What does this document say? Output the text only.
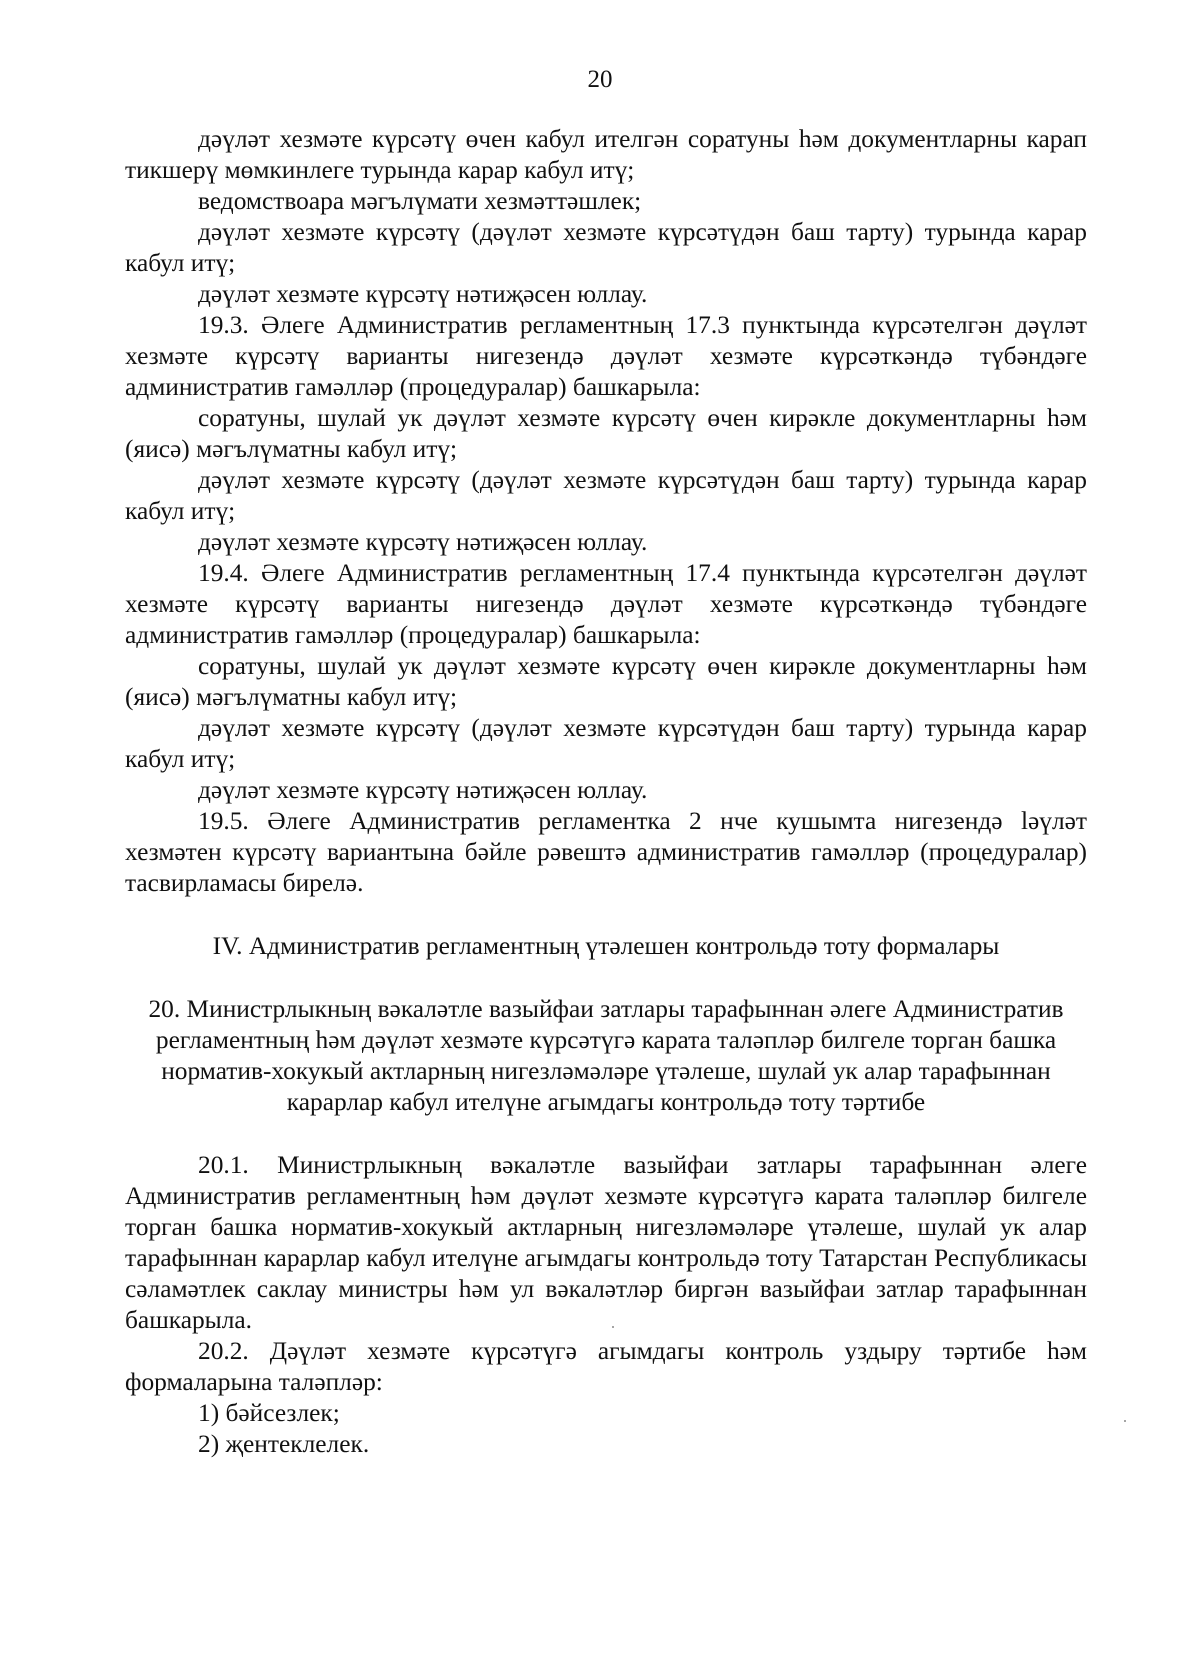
20

дәүләт хезмәте күрсәтү өчен кабул ителгән соратуны һәм документларны карап тикшерү мөмкинлеге турында карар кабул итү;

ведомствоара мәгълүмати хезмәттәшлек;

дәүләт хезмәте күрсәтү (дәүләт хезмәте күрсәтүдән баш тарту) турында карар кабул итү;

дәүләт хезмәте күрсәтү нәтиҗәсен юллау.

19.3. Әлеге Административ регламентның 17.3 пунктында күрсәтелгән дәүләт хезмәте күрсәтү варианты нигезендә дәүләт хезмәте күрсәткәндә түбәндәге административ гамәлләр (процедуралар) башкарыла:

соратуны, шулай ук дәүләт хезмәте күрсәтү өчен кирәкле документларны һәм (яисә) мәгълүматны кабул итү;

дәүләт хезмәте күрсәтү (дәүләт хезмәте күрсәтүдән баш тарту) турында карар кабул итү;

дәүләт хезмәте күрсәтү нәтиҗәсен юллау.

19.4. Әлеге Административ регламентның 17.4 пунктында күрсәтелгән дәүләт хезмәте күрсәтү варианты нигезендә дәүләт хезмәте күрсәткәндә түбәндәге административ гамәлләр (процедуралар) башкарыла:

соратуны, шулай ук дәүләт хезмәте күрсәтү өчен кирәкле документларны һәм (яисә) мәгълүматны кабул итү;

дәүләт хезмәте күрсәтү (дәүләт хезмәте күрсәтүдән баш тарту) турында карар кабул итү;

дәүләт хезмәте күрсәтү нәтиҗәсен юллау.

19.5. Әлеге Административ регламентка 2 нче кушымта нигезендә lәүләт хезмәтен күрсәтү вариантына бәйле рәвештә административ гамәлләр (процедуралар) тасвирламасы бирелә.

IV. Административ регламентның үтәлешен контрольдә тоту формалары

20. Министрлыкның вәкаләтле вазыйфаи затлары тарафыннан әлеге Административ регламентның һәм дәүләт хезмәте күрсәтүгә карата таләпләр билгеле торган башка норматив-хокукый актларның нигезләмәләре үтәлеше, шулай ук алар тарафыннан карарлар кабул ителүне агымдагы контрольдә тоту тәртибе

20.1. Министрлыкның вәкаләтле вазыйфаи затлары тарафыннан әлеге Административ регламентның һәм дәүләт хезмәте күрсәтүгә карата таләпләр билгеле торган башка норматив-хокукый актларның нигезләмәләре үтәлеше, шулай ук алар тарафыннан карарлар кабул ителүне агымдагы контрольдә тоту Татарстан Республикасы сәламәтлек саклау министры һәм ул вәкаләтләр биргән вазыйфаи затлар тарафыннан башкарыла.

20.2. Дәүләт хезмәте күрсәтүгә агымдагы контроль уздыру тәртибе һәм формаларына таләпләр:

1) бәйсезлек;

2) җентеклелек.
